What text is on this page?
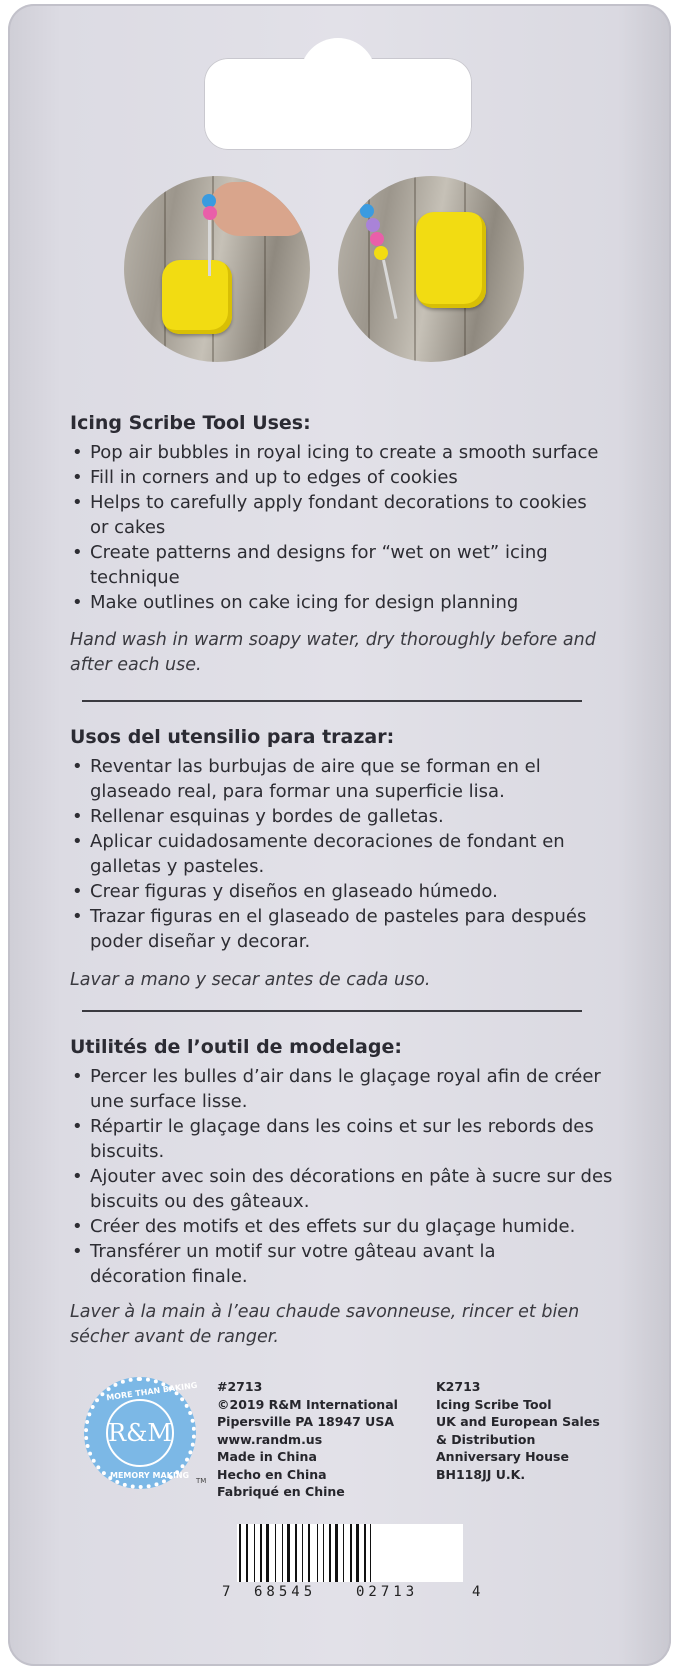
Icing Scribe Tool Uses:
• Pop air bubbles in royal icing to create a smooth surface
• Fill in corners and up to edges of cookies
• Helps to carefully apply fondant decorations to cookies or cakes
• Create patterns and designs for “wet on wet” icing technique
• Make outlines on cake icing for design planning

Hand wash in warm soapy water, dry thoroughly before and after each use.

Usos del utensilio para trazar:
• Reventar las burbujas de aire que se forman en el glaseado real, para formar una superficie lisa.
• Rellenar esquinas y bordes de galletas.
• Aplicar cuidadosamente decoraciones de fondant en galletas y pasteles.
• Crear figuras y diseños en glaseado húmedo.
• Trazar figuras en el glaseado de pasteles para después poder diseñar y decorar.

Lavar a mano y secar antes de cada uso.

Utilités de l’outil de modelage:
• Percer les bulles d’air dans le glaçage royal afin de créer une surface lisse.
• Répartir le glaçage dans les coins et sur les rebords des biscuits.
• Ajouter avec soin des décorations en pâte à sucre sur des biscuits ou des gâteaux.
• Créer des motifs et des effets sur du glaçage humide.
• Transférer un motif sur votre gâteau avant la décoration finale.

Laver à la main à l’eau chaude savonneuse, rincer et bien sécher avant de ranger.

MORE THAN BAKING
R&M
MEMORY MAKING
TM
#2713
©2019 R&M International
Pipersville PA 18947 USA
www.randm.us
Made in China
Hecho en China
Fabriqué en Chine
K2713
Icing Scribe Tool
UK and European Sales
& Distribution
Anniversary House
BH118JJ U.K.
7 68545	02713	4
